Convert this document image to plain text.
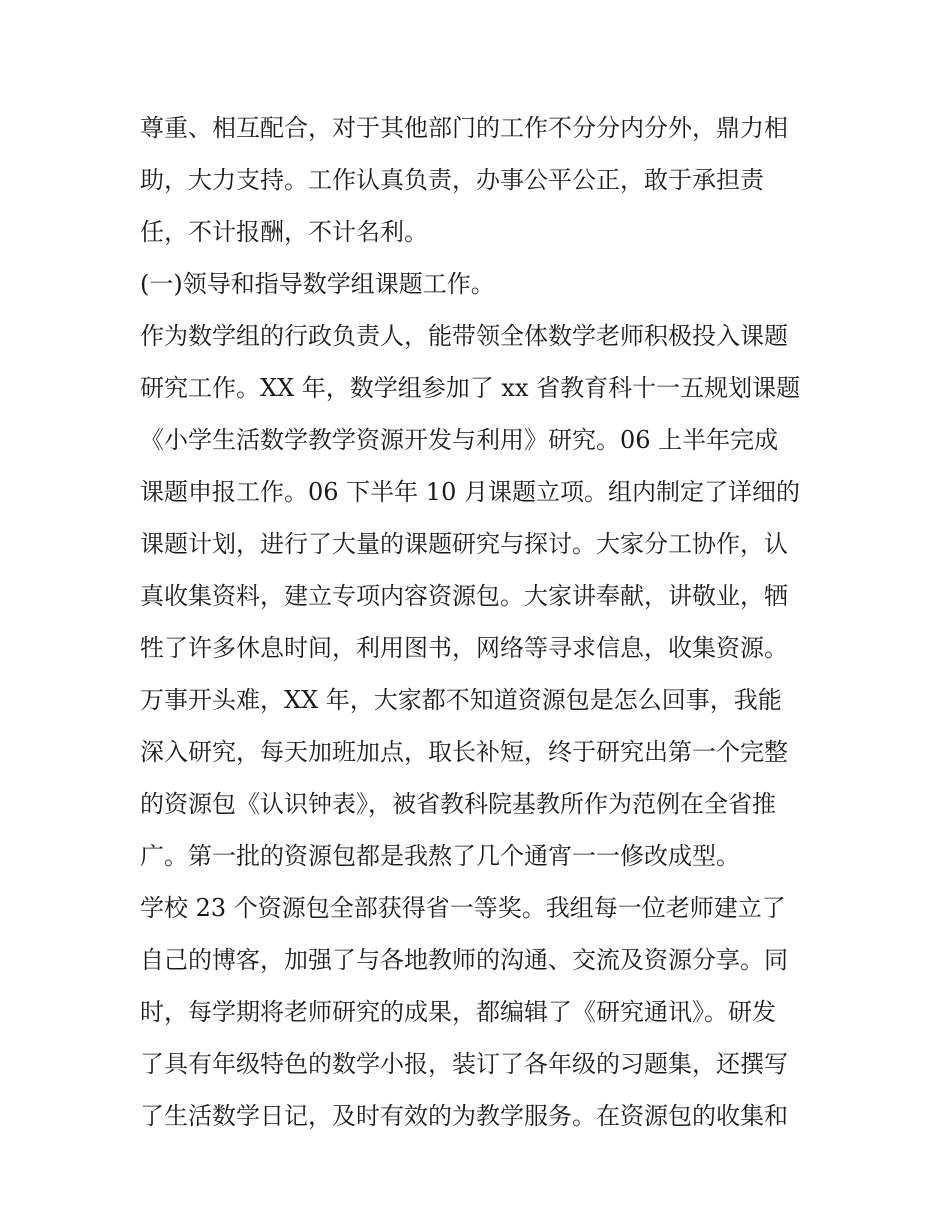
尊重、相互配合，对于其他部门的工作不分分内分外，鼎力相
助，大力支持。工作认真负责，办事公平公正，敢于承担责
任，不计报酬，不计名利。
(一)领导和指导数学组课题工作。
作为数学组的行政负责人，能带领全体数学老师积极投入课题
研究工作。XX 年，数学组参加了 xx 省教育科十一五规划课题
《小学生活数学教学资源开发与利用》研究。06 上半年完成
课题申报工作。06 下半年 10 月课题立项。组内制定了详细的
课题计划，进行了大量的课题研究与探讨。大家分工协作，认
真收集资料，建立专项内容资源包。大家讲奉献，讲敬业，牺
牲了许多休息时间，利用图书，网络等寻求信息，收集资源。
万事开头难，XX 年，大家都不知道资源包是怎么回事，我能
深入研究，每天加班加点，取长补短，终于研究出第一个完整
的资源包《认识钟表》，被省教科院基教所作为范例在全省推
广。第一批的资源包都是我熬了几个通宵一一修改成型。
学校 23 个资源包全部获得省一等奖。我组每一位老师建立了
自己的博客，加强了与各地教师的沟通、交流及资源分享。同
时，每学期将老师研究的成果，都编辑了《研究通讯》。研发
了具有年级特色的数学小报，装订了各年级的习题集，还撰写
了生活数学日记，及时有效的为教学服务。在资源包的收集和
